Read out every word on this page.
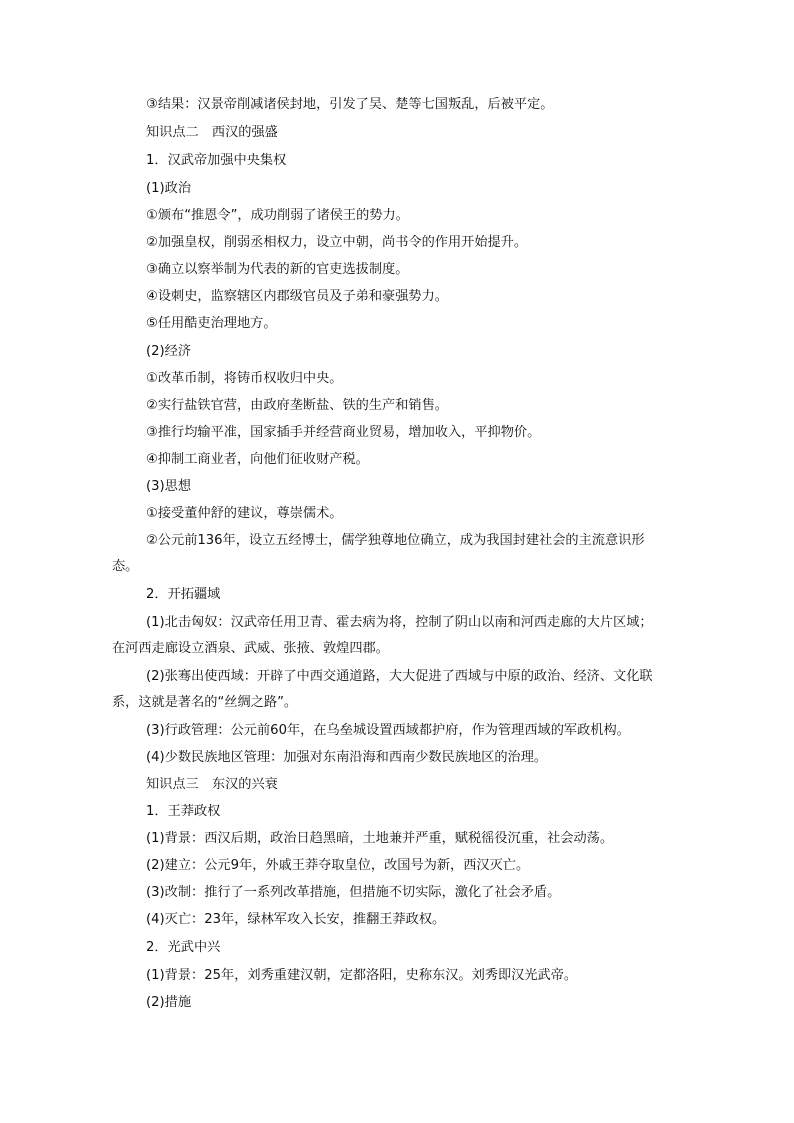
③结果：汉景帝削减诸侯封地，引发了吴、楚等七国叛乱，后被平定。
知识点二　西汉的强盛
1．汉武帝加强中央集权
(1)政治
①颁布“推恩令”，成功削弱了诸侯王的势力。
②加强皇权，削弱丞相权力，设立中朝，尚书令的作用开始提升。
③确立以察举制为代表的新的官吏选拔制度。
④设刺史，监察辖区内郡级官员及子弟和豪强势力。
⑤任用酷吏治理地方。
(2)经济
①改革币制，将铸币权收归中央。
②实行盐铁官营，由政府垄断盐、铁的生产和销售。
③推行均输平准，国家插手并经营商业贸易，增加收入，平抑物价。
④抑制工商业者，向他们征收财产税。
(3)思想
①接受董仲舒的建议，尊崇儒术。
②公元前136年，设立五经博士，儒学独尊地位确立，成为我国封建社会的主流意识形
态。
2．开拓疆域
(1)北击匈奴：汉武帝任用卫青、霍去病为将，控制了阴山以南和河西走廊的大片区域；
在河西走廊设立酒泉、武威、张掖、敦煌四郡。
(2)张骞出使西域：开辟了中西交通道路，大大促进了西域与中原的政治、经济、文化联
系，这就是著名的“丝绸之路”。
(3)行政管理：公元前60年，在乌垒城设置西域都护府，作为管理西域的军政机构。
(4)少数民族地区管理：加强对东南沿海和西南少数民族地区的治理。
知识点三　东汉的兴衰
1．王莽政权
(1)背景：西汉后期，政治日趋黑暗，土地兼并严重，赋税徭役沉重，社会动荡。
(2)建立：公元9年，外戚王莽夺取皇位，改国号为新，西汉灭亡。
(3)改制：推行了一系列改革措施，但措施不切实际，激化了社会矛盾。
(4)灭亡：23年，绿林军攻入长安，推翻王莽政权。
2．光武中兴
(1)背景：25年，刘秀重建汉朝，定都洛阳，史称东汉。刘秀即汉光武帝。
(2)措施
